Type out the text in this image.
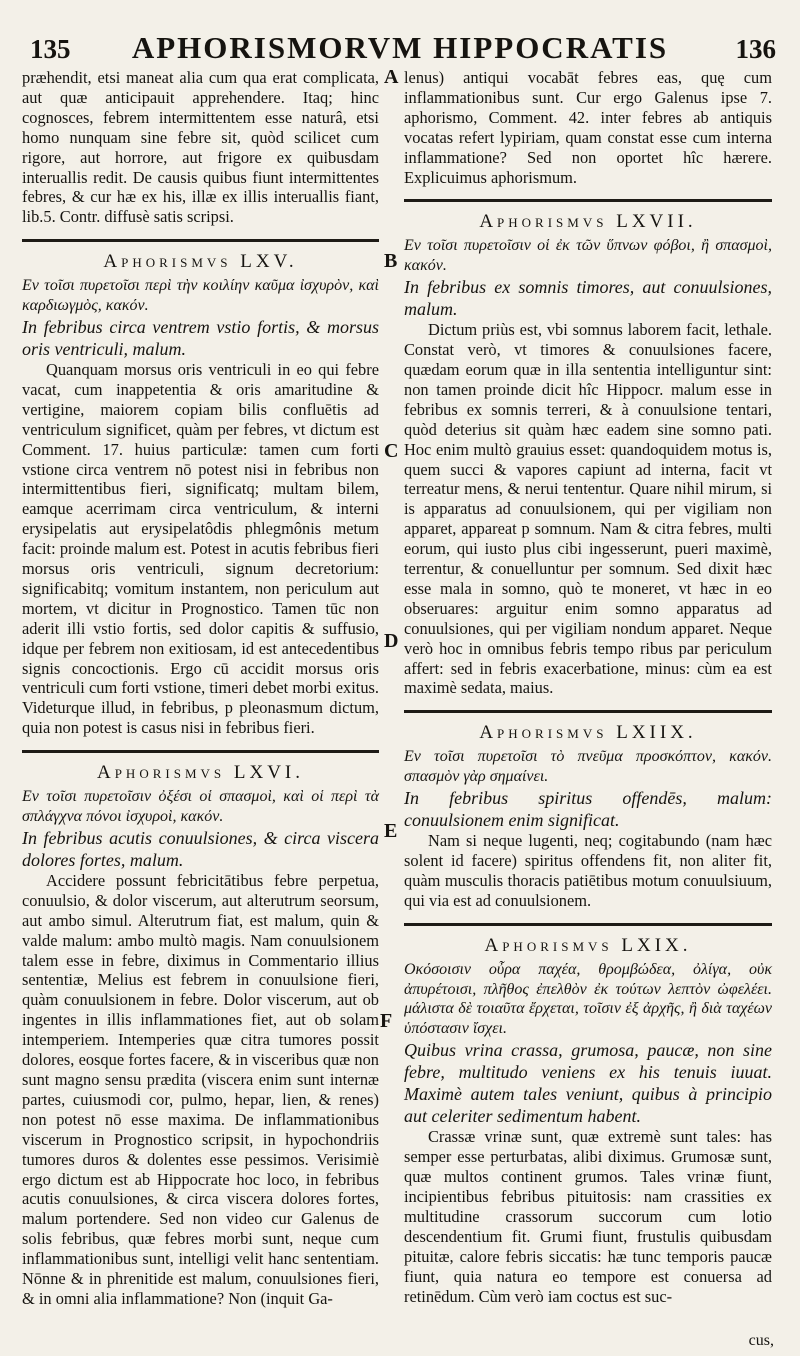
135	APHORISMORVM HIPPOCRATIS	136
A
B
C
D
E
F

præhendit, etsi maneat alia cum qua erat complicata, aut quæ anticipauit apprehendere. Itaq; hinc cognosces, febrem intermittentem esse naturâ, etsi homo nunquam sine febre sit, quòd scilicet cum rigore, aut horrore, aut frigore ex quibusdam interuallis redit. De causis quibus fiunt intermittentes febres, & cur hæ ex his, illæ ex illis interuallis fiant, lib.5. Contr. diffusè satis scripsi.

Aphorismvs LXV.

Εν τοῖσι πυρετοῖσι περὶ τὴν κοιλίην καῦμα ἰσχυρὸν, καὶ καρδιωγμὸς, κακόν.

In febribus circa ventrem vstio fortis, & morsus oris ventriculi, malum.

Quanquam morsus oris ventriculi in eo qui febre vacat, cum inappetentia & oris amaritudine & vertigine, maiorem copiam bilis confluētis ad ventriculum significet, quàm per febres, vt dictum est Comment. 17. huius particulæ: tamen cum forti vstione circa ventrem nō potest nisi in febribus non intermittentibus fieri, significatq; multam bilem, eamque acerrimam circa ventriculum, & interni erysipelatis aut erysipelatôdis phlegmônis metum facit: proinde malum est. Potest in acutis febribus fieri morsus oris ventriculi, signum decretorium: significabitq; vomitum instantem, non periculum aut mortem, vt dicitur in Prognostico. Tamen tūc non aderit illi vstio fortis, sed dolor capitis & suffusio, idque per febrem non exitiosam, id est antecedentibus signis concoctionis. Ergo cū accidit morsus oris ventriculi cum forti vstione, timeri debet morbi exitus. Videturque illud, in febribus, p pleonasmum dictum, quia non potest is casus nisi in febribus fieri.

Aphorismvs LXVI.

Εν τοῖσι πυρετοῖσιν ὀξέσι οἱ σπασμοὶ, καὶ οἱ περὶ τὰ σπλάγχνα πόνοι ἰσχυροὶ, κακόν.

In febribus acutis conuulsiones, & circa viscera dolores fortes, malum.

Accidere possunt febricitātibus febre perpetua, conuulsio, & dolor viscerum, aut alterutrum seorsum, aut ambo simul. Alterutrum fiat, est malum, quin & valde malum: ambo multò magis. Nam conuulsionem talem esse in febre, diximus in Commentario illius sententiæ, Melius est febrem in conuulsione fieri, quàm conuulsionem in febre. Dolor viscerum, aut ob ingentes in illis inflammationes fiet, aut ob solam intemperiem. Intemperies quæ citra tumores possit dolores, eosque fortes facere, & in visceribus quæ non sunt magno sensu prædita (viscera enim sunt internæ partes, cuiusmodi cor, pulmo, hepar, lien, & renes) non potest nō esse maxima. De inflammationibus viscerum in Prognostico scripsit, in hypochondriis tumores duros & dolentes esse pessimos. Verisimiè ergo dictum est ab Hippocrate hoc loco, in febribus acutis conuulsiones, & circa viscera dolores fortes, malum portendere. Sed non video cur Galenus de solis febribus, quæ febres morbi sunt, neque cum inflammationibus sunt, intelligi velit hanc sententiam. Nōnne & in phrenitide est malum, conuulsiones fieri, & in omni alia inflammatione? Non (inquit Ga-

lenus) antiqui vocabāt febres eas, quę cum inflammationibus sunt. Cur ergo Galenus ipse 7. aphorismo, Comment. 42. inter febres ab antiquis vocatas refert lypiriam, quam constat esse cum interna inflammatione? Sed non oportet hîc hærere. Explicuimus aphorismum.

Aphorismvs LXVII.

Εν τοῖσι πυρετοῖσιν οἱ ἐκ τῶν ὕπνων φόβοι, ἢ σπασμοὶ, κακόν.

In febribus ex somnis timores, aut conuulsiones, malum.

Dictum priùs est, vbi somnus laborem facit, lethale. Constat verò, vt timores & conuulsiones facere, quædam eorum quæ in illa sententia intelliguntur sint: non tamen proinde dicit hîc Hippocr. malum esse in febribus ex somnis terreri, & à conuulsione tentari, quòd deterius sit quàm hæc eadem sine somno pati. Hoc enim multò grauius esset: quandoquidem motus is, quem succi & vapores capiunt ad interna, facit vt terreatur mens, & nerui tententur. Quare nihil mirum, si is apparatus ad conuulsionem, qui per vigiliam non apparet, appareat p somnum. Nam & citra febres, multi eorum, qui iusto plus cibi ingesserunt, pueri maximè, terrentur, & conuelluntur per somnum. Sed dixit hæc esse mala in somno, quò te moneret, vt hæc in eo obseruares: arguitur enim somno apparatus ad conuulsiones, qui per vigiliam nondum apparet. Neque verò hoc in omnibus febris tempo ribus par periculum affert: sed in febris exacerbatione, minus: cùm ea est maximè sedata, maius.

Aphorismvs LXIIX.

Εν τοῖσι πυρετοῖσι τὸ πνεῦμα προσκόπτον, κακόν. σπασμὸν γὰρ σημαίνει.

In febribus spiritus offendēs, malum: conuulsionem enim significat.

Nam si neque lugenti, neq; cogitabundo (nam hæc solent id facere) spiritus offendens fit, non aliter fit, quàm musculis thoracis patiētibus motum conuulsiuum, qui via est ad conuulsionem.

Aphorismvs LXIX.

Οκόσοισιν οὖρα παχέα, θρομβώδεα, ὀλίγα, οὐκ ἀπυρέτοισι, πλῆθος ἐπελθὸν ἐκ τούτων λεπτὸν ὠφελέει. μάλιστα δὲ τοιαῦτα ἔρχεται, τοῖσιν ἐξ ἀρχῆς, ἢ διὰ ταχέων ὑπόστασιν ἴσχει.

Quibus vrina crassa, grumosa, paucæ, non sine febre, multitudo veniens ex his tenuis iuuat. Maximè autem tales veniunt, quibus à principio aut celeriter sedimentum habent.

Crassæ vrinæ sunt, quæ extremè sunt tales: has semper esse perturbatas, alibi diximus. Grumosæ sunt, quæ multos continent grumos. Tales vrinæ fiunt, incipientibus febribus pituitosis: nam crassities ex multitudine crassorum succorum cum lotio descendentium fit. Grumi fiunt, frustulis quibusdam pituitæ, calore febris siccatis: hæ tunc temporis paucæ fiunt, quia natura eo tempore est conuersa ad retinēdum. Cùm verò iam coctus est suc-

cus,
